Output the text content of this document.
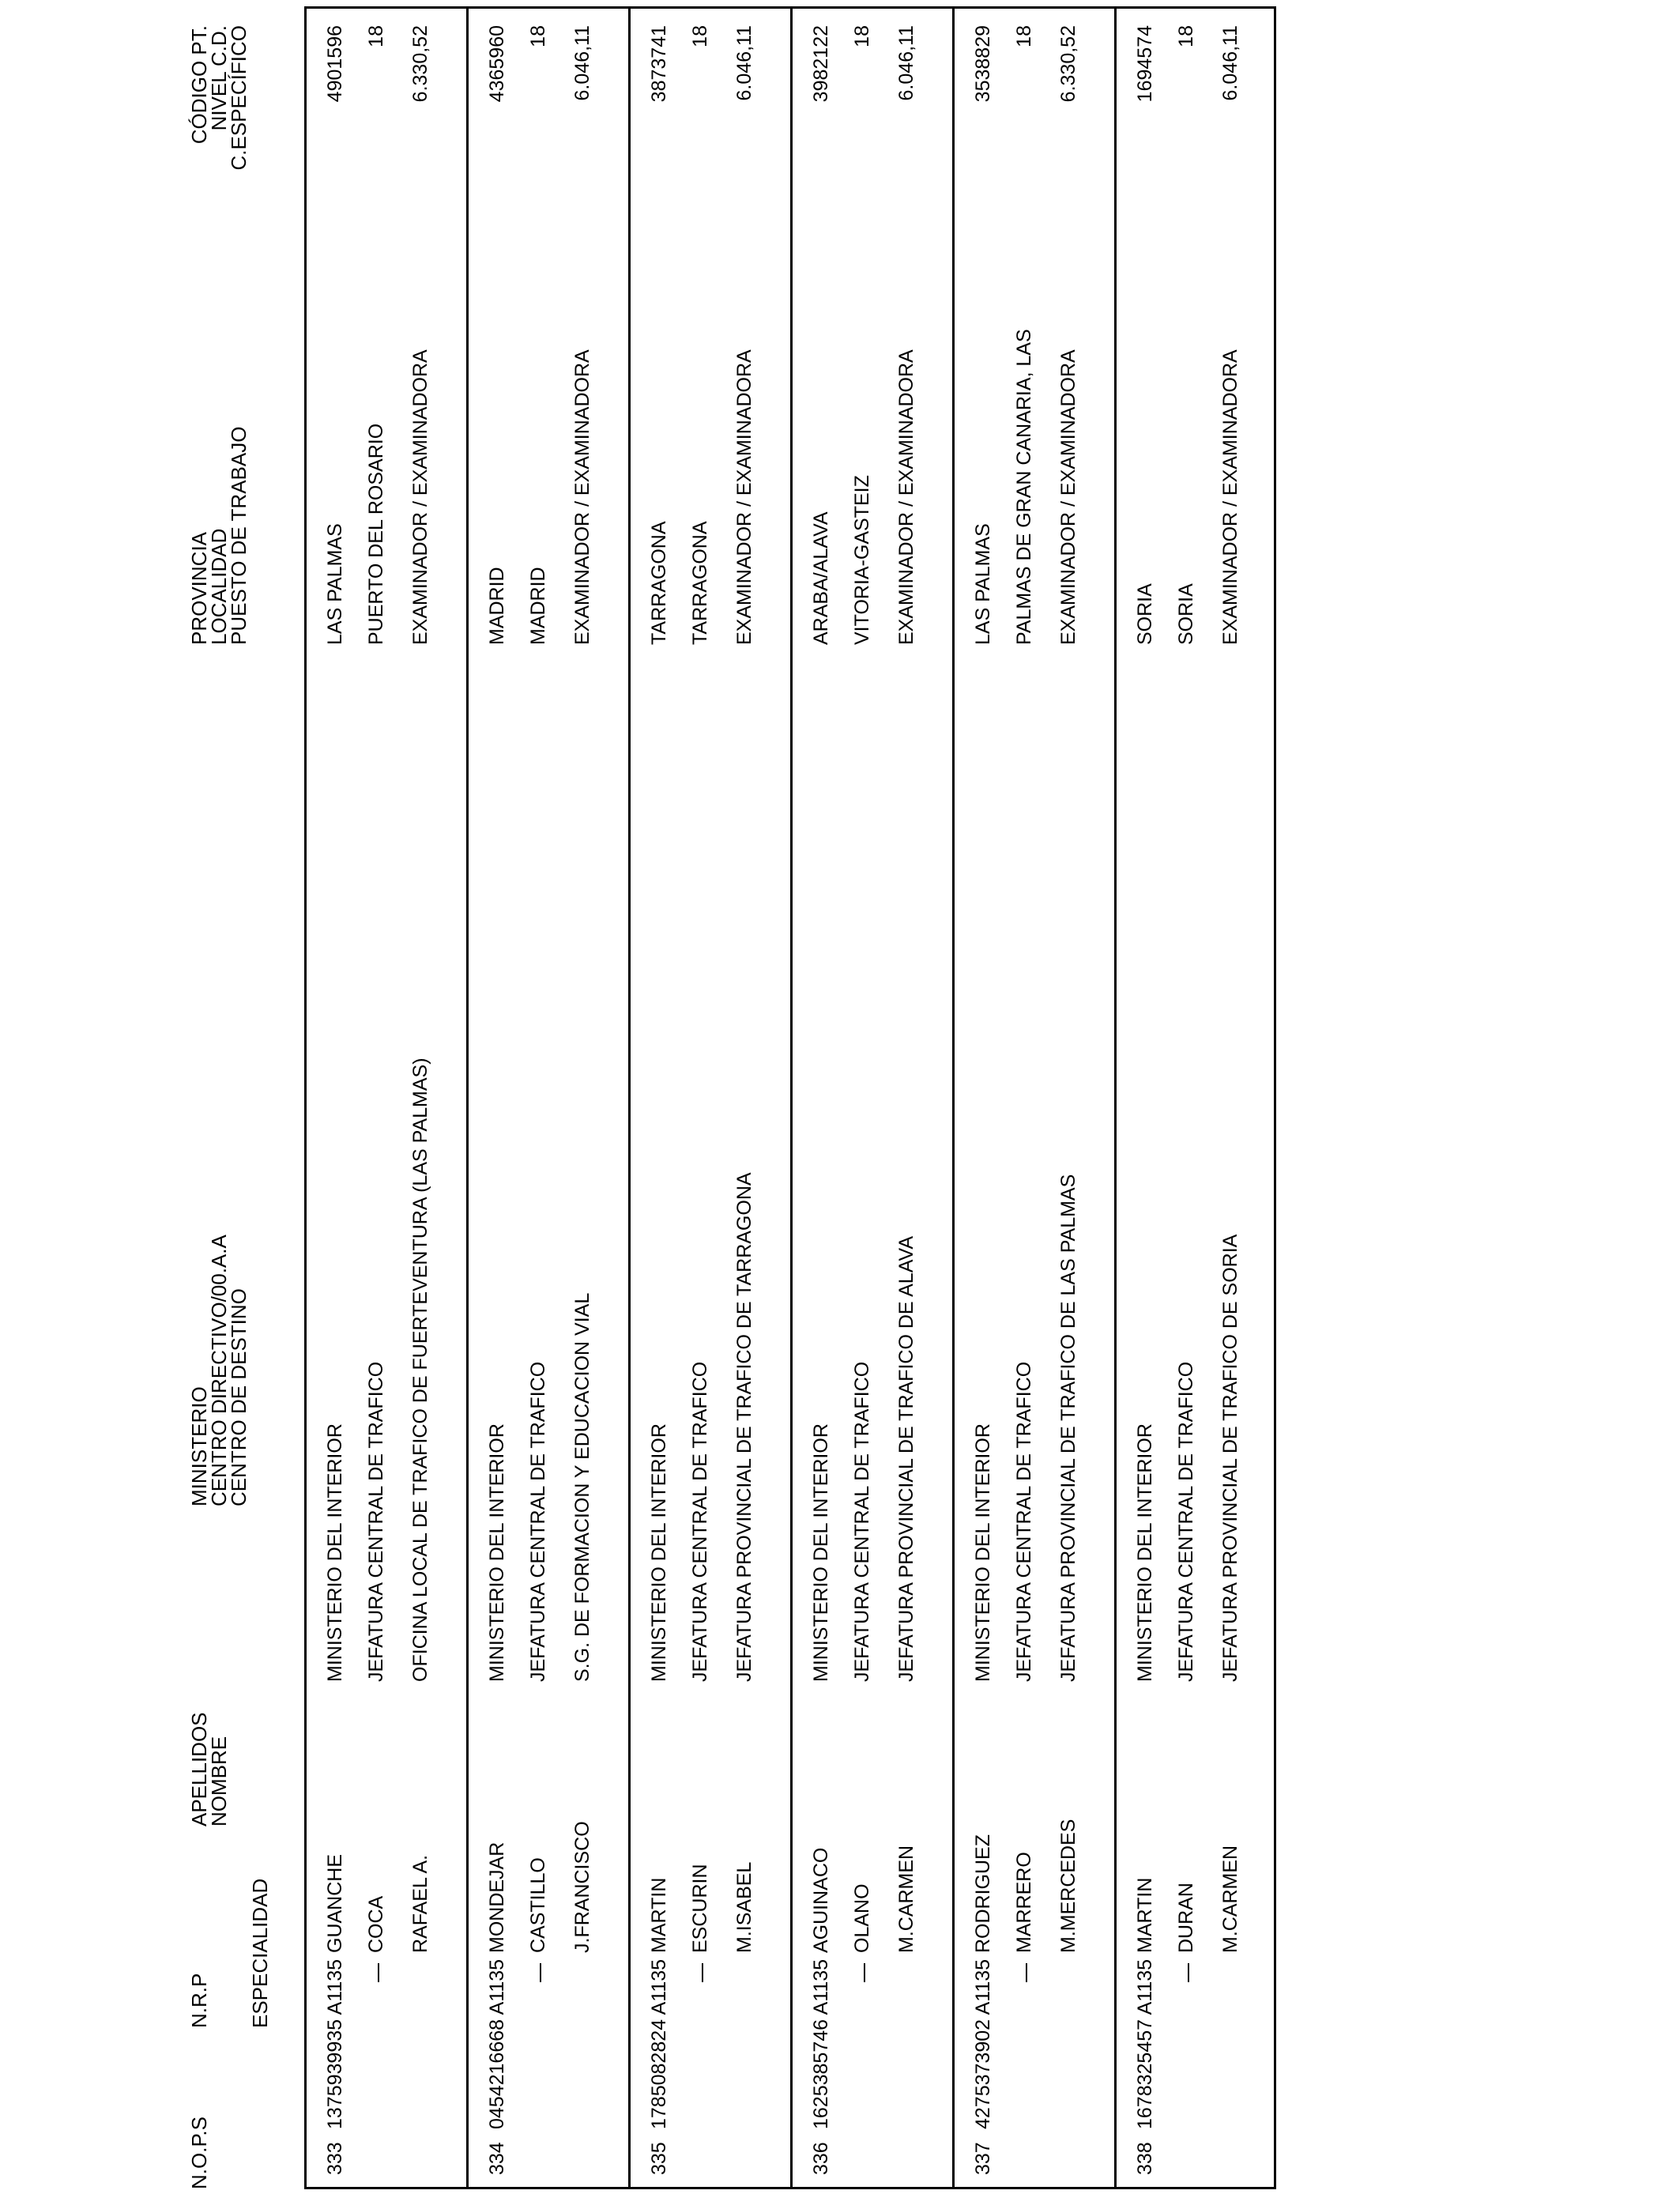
N.O.P.S
N.R.P ESPECIALIDAD
APELLIDOS
NOMBRE
MINISTERIO
CENTRO DIRECTIVO/00.A.A
CENTRO DE DESTINO
PROVINCIA
LOCALIDAD
PUESTO DE TRABAJO
CÓDIGO PT.
NIVEL C.D.
C.ESPECÍFICO
333
1375939935 A1135
GUANCHE COCA RAFAEL A.
MINISTERIO DEL INTERIOR JEFATURA CENTRAL DE TRAFICO OFICINA LOCAL DE TRAFICO DE FUERTEVENTURA (LAS PALMAS)
LAS PALMAS PUERTO DEL ROSARIO EXAMINADOR / EXAMINADORA
4901596 18 6.330,52
334
0454216668 A1135
MONDEJAR CASTILLO J.FRANCISCO
MINISTERIO DEL INTERIOR JEFATURA CENTRAL DE TRAFICO S.G. DE FORMACION Y EDUCACION VIAL
MADRID MADRID EXAMINADOR / EXAMINADORA
4365960 18 6.046,11
335
1785082824 A1135
MARTIN ESCURIN M.ISABEL
MINISTERIO DEL INTERIOR JEFATURA CENTRAL DE TRAFICO JEFATURA PROVINCIAL DE TRAFICO DE TARRAGONA
TARRAGONA TARRAGONA EXAMINADOR / EXAMINADORA
3873741 18 6.046,11
336
1625385746 A1135
AGUINACO OLANO M.CARMEN
MINISTERIO DEL INTERIOR JEFATURA CENTRAL DE TRAFICO JEFATURA PROVINCIAL DE TRAFICO DE ALAVA
ARABA/ALAVA VITORIA-GASTEIZ EXAMINADOR / EXAMINADORA
3982122 18 6.046,11
337
4275373902 A1135
RODRIGUEZ MARRERO M.MERCEDES
MINISTERIO DEL INTERIOR JEFATURA CENTRAL DE TRAFICO JEFATURA PROVINCIAL DE TRAFICO DE LAS PALMAS
LAS PALMAS PALMAS DE GRAN CANARIA, LAS EXAMINADOR / EXAMINADORA
3538829 18 6.330,52
338
1678325457 A1135
MARTIN DURAN M.CARMEN
MINISTERIO DEL INTERIOR JEFATURA CENTRAL DE TRAFICO JEFATURA PROVINCIAL DE TRAFICO DE SORIA
SORIA SORIA EXAMINADOR / EXAMINADORA
1694574 18 6.046,11
